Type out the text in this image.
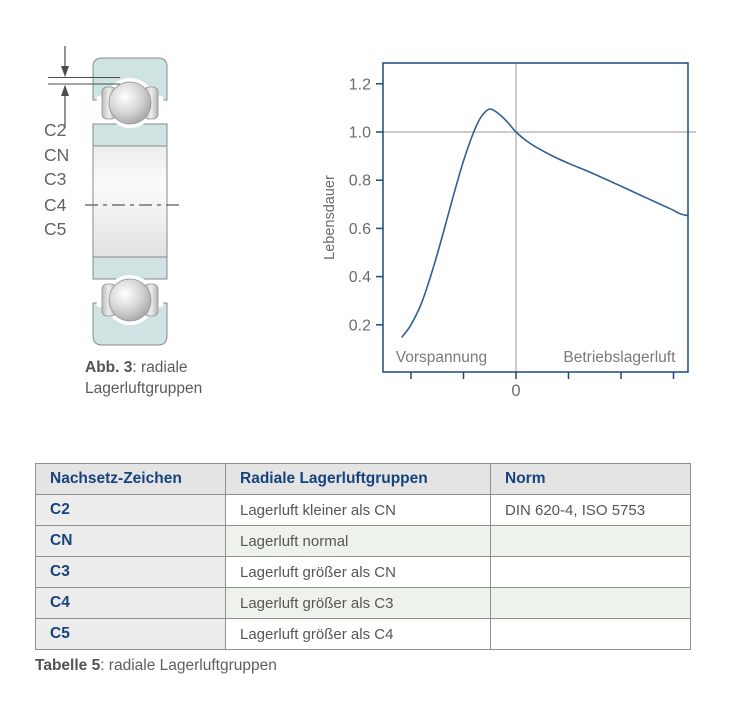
C2
CN
C3
C4
C5
Abb. 3: radiale
Lagerluftgruppen
0.2
0.4
0.6
0.8
1.0
1.2
0
Vorspannung	Betriebslagerluft
Lebensdauer
Nachsetz-Zeichen	Radiale Lagerluftgruppen	Norm
C2	Lagerluft kleiner als CN	DIN 620-4, ISO 5753
CN	Lagerluft normal	
C3	Lagerluft größer als CN	
C4	Lagerluft größer als C3	
C5	Lagerluft größer als C4	
Tabelle 5: radiale Lagerluftgruppen
